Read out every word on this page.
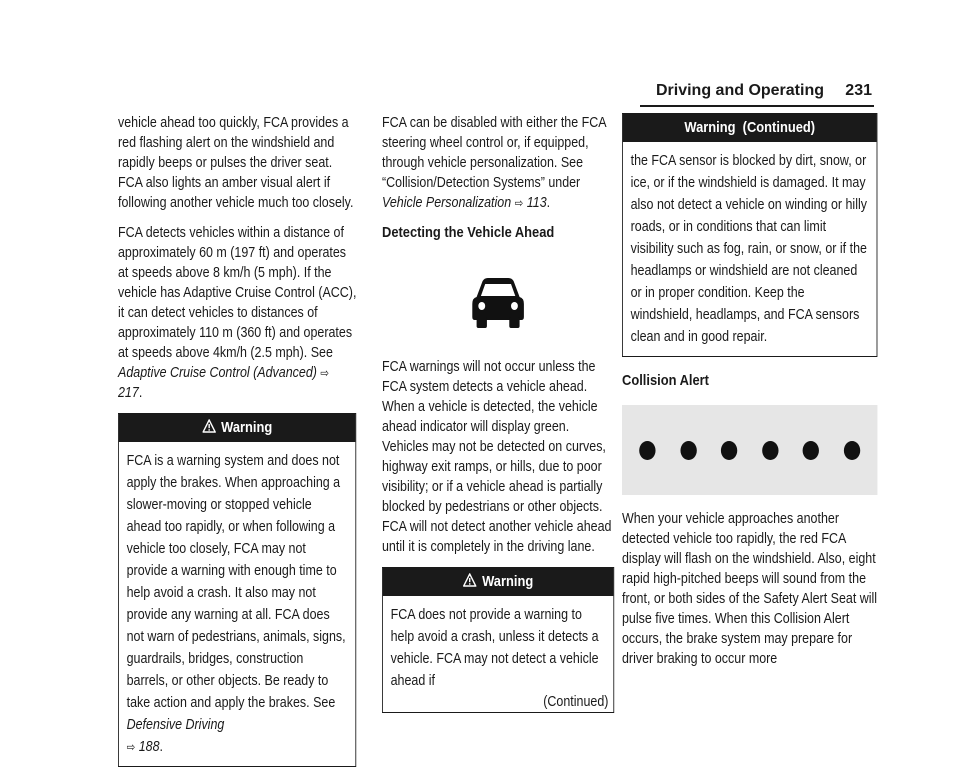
Driving and Operating 231

vehicle ahead too quickly, FCA provides a red flashing alert on the windshield and rapidly beeps or pulses the driver seat. FCA also lights an amber visual alert if following another vehicle much too closely.

FCA detects vehicles within a distance of approximately 60 m (197 ft) and operates at speeds above 8 km/h (5 mph). If the vehicle has Adaptive Cruise Control (ACC), it can detect vehicles to distances of approximately 110 m (360 ft) and operates at speeds above 4km/h (2.5 mph). See Adaptive Cruise Control (Advanced) ⇨ 217.

Warning

FCA is a warning system and does not apply the brakes. When approaching a slower-moving or stopped vehicle ahead too rapidly, or when following a vehicle too closely, FCA may not provide a warning with enough time to help avoid a crash. It also may not provide any warning at all. FCA does not warn of pedestrians, animals, signs, guardrails, bridges, construction barrels, or other objects. Be ready to take action and apply the brakes. See Defensive Driving
⇨ 188.

FCA can be disabled with either the FCA steering wheel control or, if equipped, through vehicle personalization. See “Collision/Detection Systems” under Vehicle Personalization ⇨ 113.

Detecting the Vehicle Ahead

FCA warnings will not occur unless the FCA system detects a vehicle ahead. When a vehicle is detected, the vehicle ahead indicator will display green. Vehicles may not be detected on curves, highway exit ramps, or hills, due to poor visibility; or if a vehicle ahead is partially blocked by pedestrians or other objects. FCA will not detect another vehicle ahead until it is completely in the driving lane.

Warning

FCA does not provide a warning to help avoid a crash, unless it detects a vehicle. FCA may not detect a vehicle ahead if

(Continued)
Warning  (Continued)

the FCA sensor is blocked by dirt, snow, or ice, or if the windshield is damaged. It may also not detect a vehicle on winding or hilly roads, or in conditions that can limit visibility such as fog, rain, or snow, or if the headlamps or windshield are not cleaned or in proper condition. Keep the windshield, headlamps, and FCA sensors clean and in good repair.

Collision Alert

When your vehicle approaches another detected vehicle too rapidly, the red FCA display will flash on the windshield. Also, eight rapid high-pitched beeps will sound from the front, or both sides of the Safety Alert Seat will pulse five times. When this Collision Alert occurs, the brake system may prepare for driver braking to occur more
